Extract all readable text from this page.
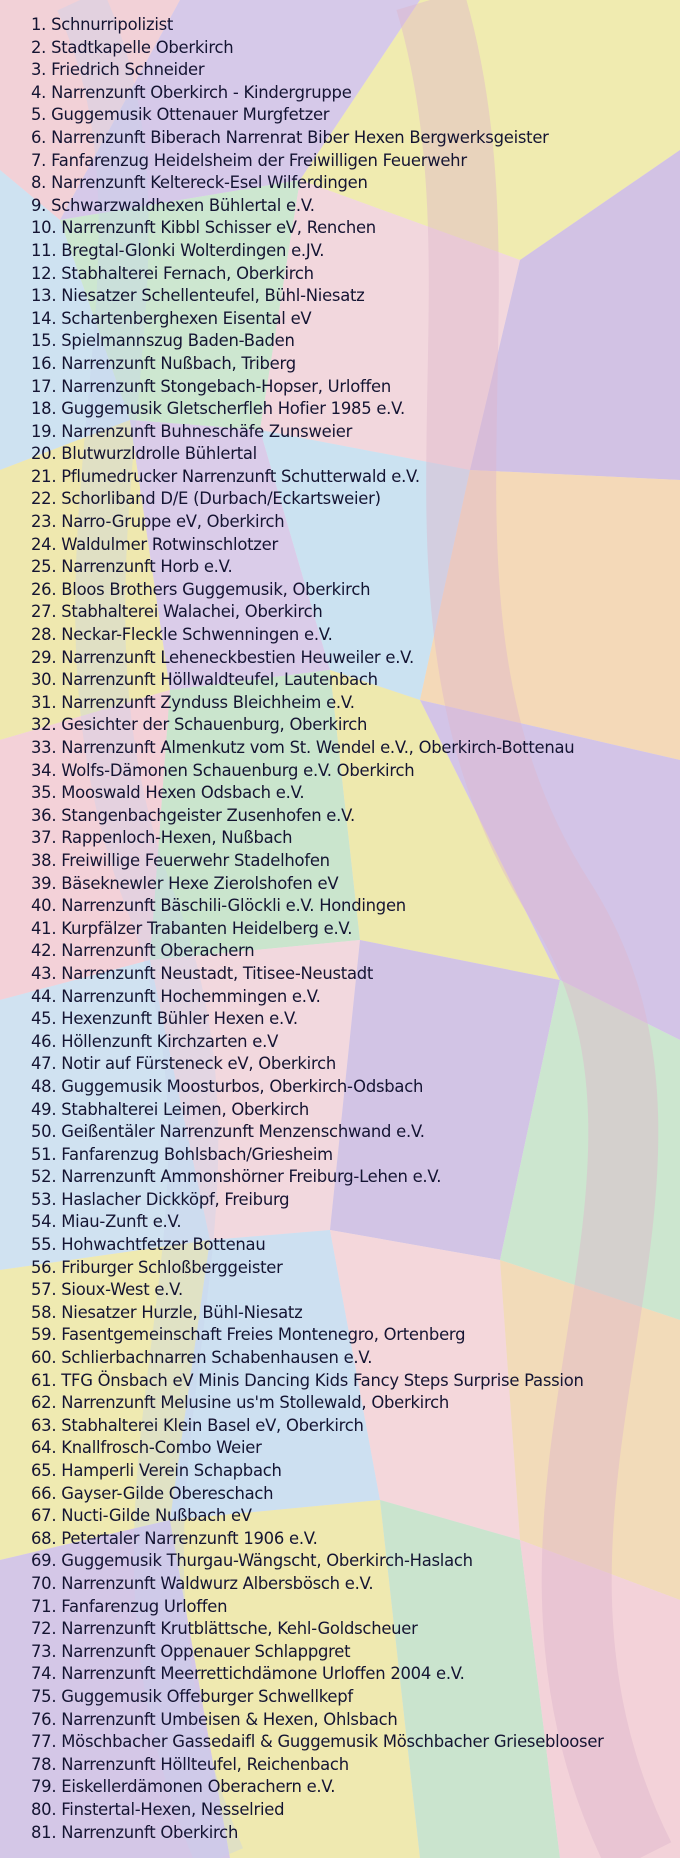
1. Schnurripolizist
2. Stadtkapelle Oberkirch
3. Friedrich Schneider
4. Narrenzunft Oberkirch - Kindergruppe
5. Guggemusik Ottenauer Murgfetzer
6. Narrenzunft Biberach Narrenrat Biber Hexen Bergwerksgeister
7. Fanfarenzug Heidelsheim der Freiwilligen Feuerwehr
8. Narrenzunft Keltereck-Esel Wilferdingen
9. Schwarzwaldhexen Bühlertal e.V.
10. Narrenzunft Kibbl Schisser eV, Renchen
11. Bregtal-Glonki Wolterdingen e.JV.
12. Stabhalterei Fernach, Oberkirch
13. Niesatzer Schellenteufel, Bühl-Niesatz
14. Schartenberghexen Eisental eV
15. Spielmannszug Baden-Baden
16. Narrenzunft Nußbach, Triberg
17. Narrenzunft Stongebach-Hopser, Urloffen
18. Guggemusik Gletscherfleh Hofier 1985 e.V.
19. Narrenzunft Buhneschäfe Zunsweier
20. Blutwurzldrolle Bühlertal
21. Pflumedrucker Narrenzunft Schutterwald e.V.
22. Schorliband D/E (Durbach/Eckartsweier)
23. Narro-Gruppe eV, Oberkirch
24. Waldulmer Rotwinschlotzer
25. Narrenzunft Horb e.V.
26. Bloos Brothers Guggemusik, Oberkirch
27. Stabhalterei Walachei, Oberkirch
28. Neckar-Fleckle Schwenningen e.V.
29. Narrenzunft Leheneckbestien Heuweiler e.V.
30. Narrenzunft Höllwaldteufel, Lautenbach
31. Narrenzunft Zynduss Bleichheim e.V.
32. Gesichter der Schauenburg, Oberkirch
33. Narrenzunft Almenkutz vom St. Wendel e.V., Oberkirch-Bottenau
34. Wolfs-Dämonen Schauenburg e.V. Oberkirch
35. Mooswald Hexen Odsbach e.V.
36. Stangenbachgeister Zusenhofen e.V.
37. Rappenloch-Hexen, Nußbach
38. Freiwillige Feuerwehr Stadelhofen
39. Bäseknewler Hexe Zierolshofen eV
40. Narrenzunft Bäschili-Glöckli e.V. Hondingen
41. Kurpfälzer Trabanten Heidelberg e.V.
42. Narrenzunft Oberachern
43. Narrenzunft Neustadt, Titisee-Neustadt
44. Narrenzunft Hochemmingen e.V.
45. Hexenzunft Bühler Hexen e.V.
46. Höllenzunft Kirchzarten e.V
47. Notir auf Fürsteneck eV, Oberkirch
48. Guggemusik Moosturbos, Oberkirch-Odsbach
49. Stabhalterei Leimen, Oberkirch
50. Geißentäler Narrenzunft Menzenschwand e.V.
51. Fanfarenzug Bohlsbach/Griesheim
52. Narrenzunft Ammonshörner Freiburg-Lehen e.V.
53. Haslacher Dickköpf, Freiburg
54. Miau-Zunft e.V.
55. Hohwachtfetzer Bottenau
56. Friburger Schloßberggeister
57. Sioux-West e.V.
58. Niesatzer Hurzle, Bühl-Niesatz
59. Fasentgemeinschaft Freies Montenegro, Ortenberg
60. Schlierbachnarren Schabenhausen e.V.
61. TFG Önsbach eV Minis Dancing Kids Fancy Steps Surprise Passion
62. Narrenzunft Melusine us'm Stollewald, Oberkirch
63. Stabhalterei Klein Basel eV, Oberkirch
64. Knallfrosch-Combo Weier
65. Hamperli Verein Schapbach
66. Gayser-Gilde Obereschach
67. Nucti-Gilde Nußbach eV
68. Petertaler Narrenzunft 1906 e.V.
69. Guggemusik Thurgau-Wängscht, Oberkirch-Haslach
70. Narrenzunft Waldwurz Albersbösch e.V.
71. Fanfarenzug Urloffen
72. Narrenzunft Krutblättsche, Kehl-Goldscheuer
73. Narrenzunft Oppenauer Schlappgret
74. Narrenzunft Meerrettichdämone Urloffen 2004 e.V.
75. Guggemusik Offeburger Schwellkepf
76. Narrenzunft Umbeisen & Hexen, Ohlsbach
77. Möschbacher Gassedaifl & Guggemusik Möschbacher Grieseblooser
78. Narrenzunft Höllteufel, Reichenbach
79. Eiskellerdämonen Oberachern e.V.
80. Finstertal-Hexen, Nesselried
81. Narrenzunft Oberkirch
